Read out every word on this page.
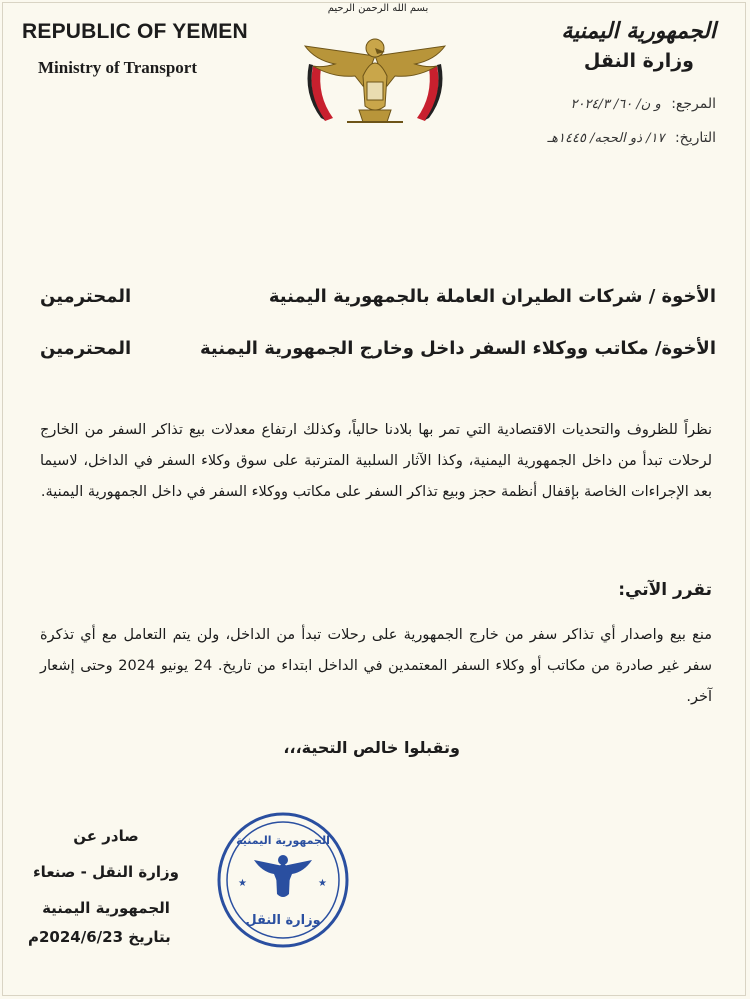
REPUBLIC OF YEMEN
Ministry of Transport
بسم الله الرحمن الرحيم
الجمهورية اليمنية
وزارة النقل
المرجع: و ن/ ٦٠/ ٢٠٢٤/٣
التاريخ: ١٧/ ذو الحجه/ ١٤٤٥هـ
الأخوة / شركات الطيران العاملة بالجمهورية اليمنية
المحترمين
الأخوة/ مكاتب ووكلاء السفر داخل وخارج الجمهورية اليمنية
المحترمين
نظراً للظروف والتحديات الاقتصادية التي تمر بها بلادنا حالياً، وكذلك ارتفاع معدلات بيع تذاكر السفر من الخارج لرحلات تبدأ من داخل الجمهورية اليمنية، وكذا الآثار السلبية المترتبة على سوق وكلاء السفر في الداخل، لاسيما بعد الإجراءات الخاصة بإقفال أنظمة حجز وبيع تذاكر السفر على مكاتب ووكلاء السفر في داخل الجمهورية اليمنية.
تقرر الآتي:
منع بيع واصدار أي تذاكر سفر من خارج الجمهورية على رحلات تبدأ من الداخل، ولن يتم التعامل مع أي تذكرة سفر غير صادرة من مكاتب أو وكلاء السفر المعتمدين في الداخل ابتداء من تاريخ. 24 يونيو 2024 وحتى إشعار آخر.
وتقبلوا خالص التحية،،،
صادر عن
وزارة النقل - صنعاء
الجمهورية اليمنية
بتاريخ 2024/6/23م
★	★
الجمهورية اليمنية
وزارة النقل
